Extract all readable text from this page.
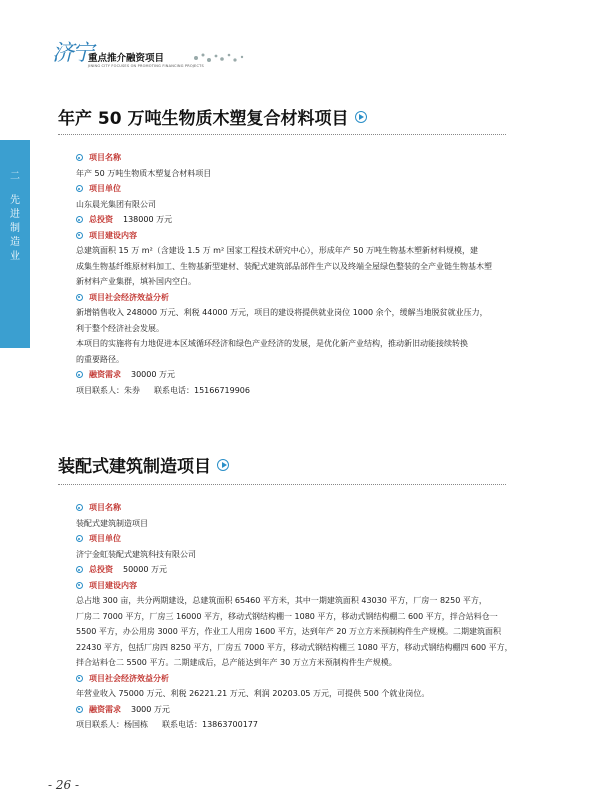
济宁
重点推介融资项目
JINING CITY FOCUSES ON PROMOTING FINANCING PROJECTS
二
先
进
制
造
业
年产 50 万吨生物质木塑复合材料项目
项目名称
年产 50 万吨生物质木塑复合材料项目
项目单位
山东晨光集团有限公司
总投资 138000 万元
项目建设内容
总建筑面积 15 万 m²（含建设 1.5 万 m² 国家工程技术研究中心），形成年产 50 万吨生物基木塑新材料规模，建
成集生物基纤维原材料加工、生物基新型建材、装配式建筑部品部件生产以及终端全屋绿色整装的全产业链生物基木塑
新材料产业集群，填补国内空白。
项目社会经济效益分析
新增销售收入 248000 万元、利税 44000 万元，项目的建设将提供就业岗位 1000 余个，缓解当地脱贫就业压力，
利于整个经济社会发展。
本项目的实施将有力地促进本区域循环经济和绿色产业经济的发展，是优化新产业结构，推动新旧动能接续转换
的重要路径。
融资需求 30000 万元
项目联系人：朱券 联系电话：15166719906
装配式建筑制造项目
项目名称
装配式建筑制造项目
项目单位
济宁金虹装配式建筑科技有限公司
总投资 50000 万元
项目建设内容
总占地 300 亩，共分两期建设，总建筑面积 65460 平方米，其中一期建筑面积 43030 平方，厂房一 8250 平方，
厂房二 7000 平方，厂房三 16000 平方，移动式钢结构棚一 1080 平方，移动式钢结构棚二 600 平方，拌合站料仓一
5500 平方，办公用房 3000 平方，作业工人用房 1600 平方，达到年产 20 万立方米预制构件生产规模。二期建筑面积
22430 平方，包括厂房四 8250 平方，厂房五 7000 平方，移动式钢结构棚三 1080 平方，移动式钢结构棚四 600 平方，
拌合站料仓二 5500 平方。二期建成后，总产能达到年产 30 万立方米预制构件生产规模。
项目社会经济效益分析
年营业收入 75000 万元、利税 26221.21 万元、利润 20203.05 万元，可提供 500 个就业岗位。
融资需求 3000 万元
项目联系人：杨国栋 联系电话：13863700177
- 26 -
